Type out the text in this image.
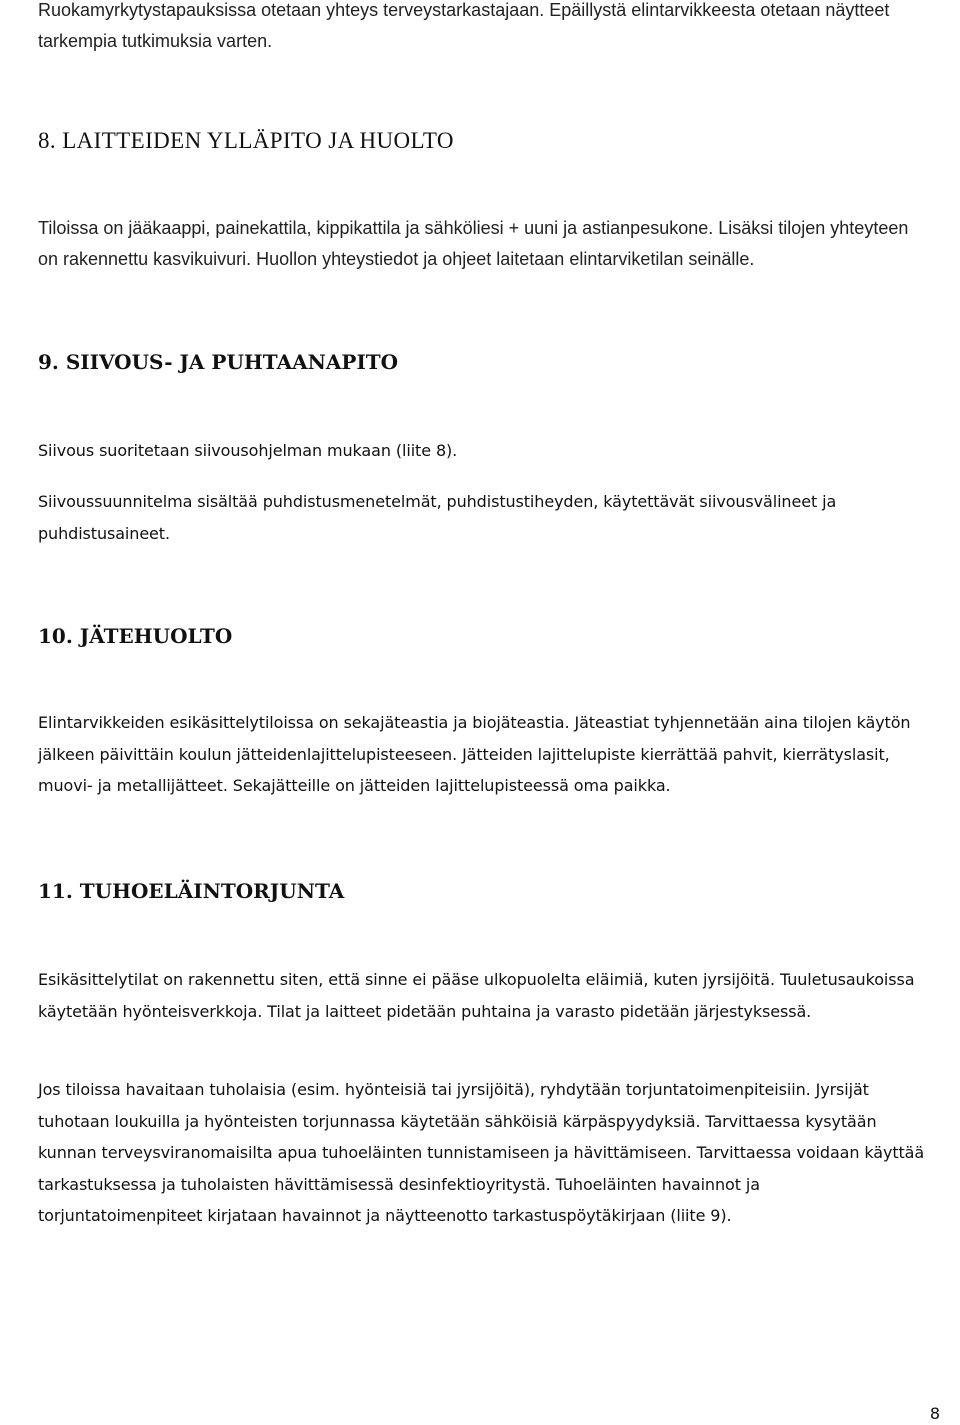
Ruokamyrkytystapauksissa otetaan yhteys terveystarkastajaan. Epäillystä elintarvikkeesta otetaan näytteet tarkempia tutkimuksia varten.

8. LAITTEIDEN YLLÄPITO JA HUOLTO

Tiloissa on jääkaappi, painekattila, kippikattila ja sähköliesi + uuni ja astianpesukone. Lisäksi tilojen yhteyteen on rakennettu kasvikuivuri. Huollon yhteystiedot ja ohjeet laitetaan elintarviketilan seinälle.

9. SIIVOUS- JA PUHTAANAPITO

Siivous suoritetaan siivousohjelman mukaan (liite 8).

Siivoussuunnitelma sisältää puhdistusmenetelmät, puhdistustiheyden, käytettävät siivousvälineet ja puhdistusaineet.

10. JÄTEHUOLTO

Elintarvikkeiden esikäsittelytiloissa on sekajäteastia ja biojäteastia. Jäteastiat tyhjennetään aina tilojen käytön jälkeen päivittäin koulun jätteidenlajittelupisteeseen. Jätteiden lajittelupiste kierrättää pahvit, kierrätyslasit, muovi- ja metallijätteet. Sekajätteille on jätteiden lajittelupisteessä oma paikka.

11. TUHOELÄINTORJUNTA

Esikäsittelytilat on rakennettu siten, että sinne ei pääse ulkopuolelta eläimiä, kuten jyrsijöitä. Tuuletusaukoissa käytetään hyönteisverkkoja. Tilat ja laitteet pidetään puhtaina ja varasto pidetään järjestyksessä.

Jos tiloissa havaitaan tuholaisia (esim. hyönteisiä tai jyrsijöitä), ryhdytään torjuntatoimenpiteisiin. Jyrsijät tuhotaan loukuilla ja hyönteisten torjunnassa käytetään sähköisiä kärpäspyydyksiä. Tarvittaessa kysytään kunnan terveysviranomaisilta apua tuhoeläinten tunnistamiseen ja hävittämiseen. Tarvittaessa voidaan käyttää tarkastuksessa ja tuholaisten hävittämisessä desinfektioyritystä. Tuhoeläinten havainnot ja torjuntatoimenpiteet kirjataan havainnot ja näytteenotto tarkastuspöytäkirjaan (liite 9).

8
